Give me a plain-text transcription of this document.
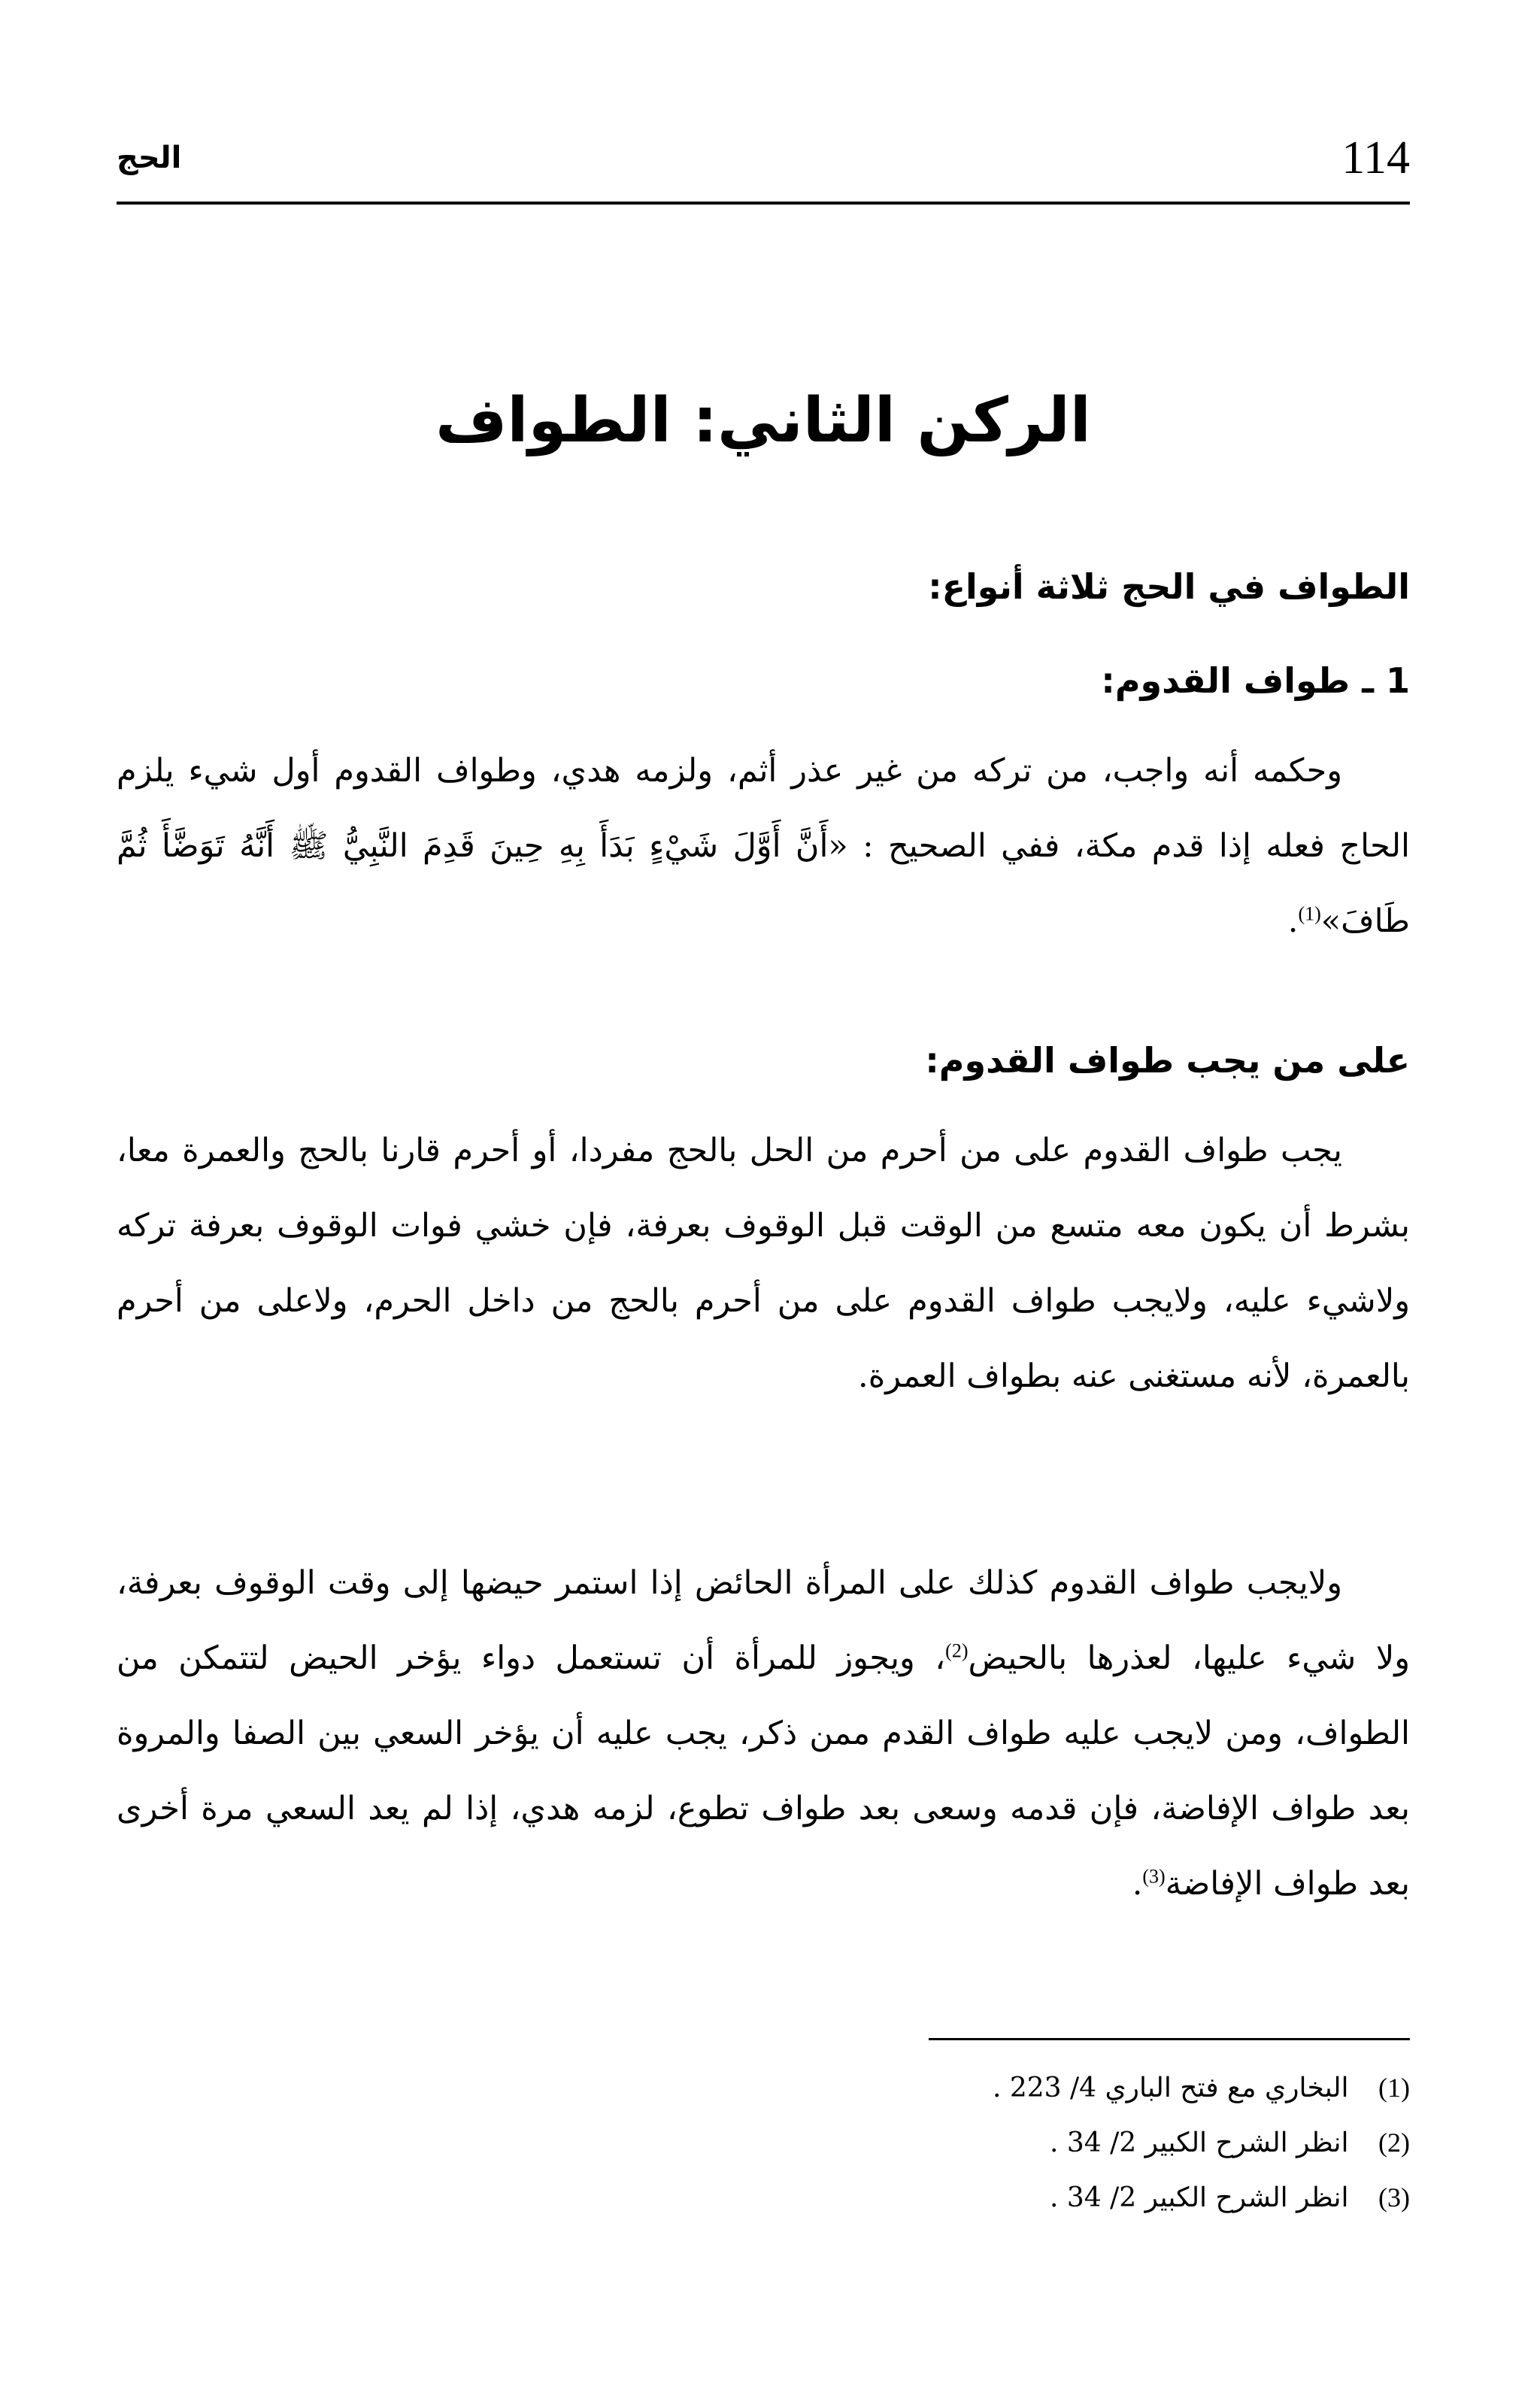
الحج	114
الركن الثاني: الطواف

الطواف في الحج ثلاثة أنواع:

1 ـ طواف القدوم:

وحكمه أنه واجب، من تركه من غير عذر أثم، ولزمه هدي، وطواف القدوم أول شيء يلزم الحاج فعله إذا قدم مكة، ففي الصحيح : «أَنَّ أَوَّلَ شَيْءٍ بَدَأَ بِهِ حِينَ قَدِمَ النَّبِيُّ ﷺ أَنَّهُ تَوَضَّأَ ثُمَّ طَافَ»$^{(1)}$.

على من يجب طواف القدوم:

يجب طواف القدوم على من أحرم من الحل بالحج مفردا، أو أحرم قارنا بالحج والعمرة معا، بشرط أن يكون معه متسع من الوقت قبل الوقوف بعرفة، فإن خشي فوات الوقوف بعرفة تركه ولاشيء عليه، ولايجب طواف القدوم على من أحرم بالحج من داخل الحرم، ولاعلى من أحرم بالعمرة، لأنه مستغنى عنه بطواف العمرة.

ولايجب طواف القدوم كذلك على المرأة الحائض إذا استمر حيضها إلى وقت الوقوف بعرفة، ولا شيء عليها، لعذرها بالحيض$^{(2)}$، ويجوز للمرأة أن تستعمل دواء يؤخر الحيض لتتمكن من الطواف، ومن لايجب عليه طواف القدم ممن ذكر، يجب عليه أن يؤخر السعي بين الصفا والمروة بعد طواف الإفاضة، فإن قدمه وسعى بعد طواف تطوع، لزمه هدي، إذا لم يعد السعي مرة أخرى بعد طواف الإفاضة$^{(3)}$.

(1) البخاري مع فتح الباري 4/ 223 .
(2) انظر الشرح الكبير 2/ 34 .
(3) انظر الشرح الكبير 2/ 34 .
